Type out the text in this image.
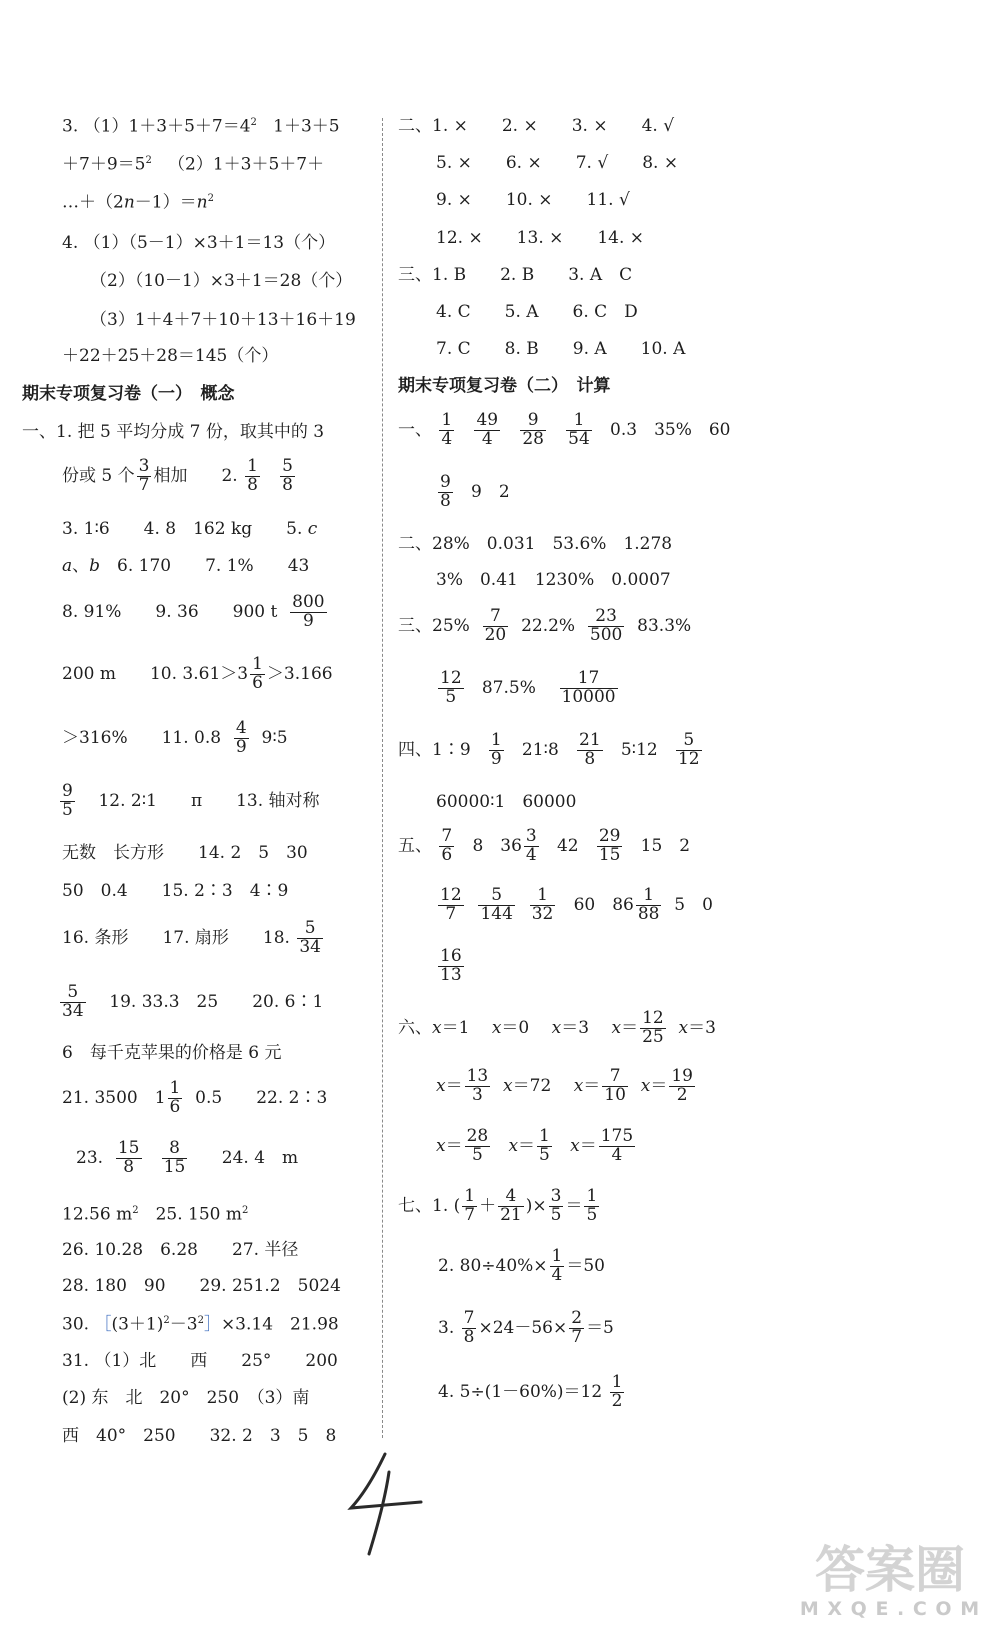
3. $(1)1+3+5+7=4^2$ 1＋3＋5
$+7+9=5^2$ （2）1＋3＋5＋7＋
$\dots+(2n-1)=n^2$
4. （1）（5－1）×3＋1＝13（个）
（2）（10－1）×3＋1＝28（个）
（3）1＋4＋7＋10＋13＋16＋19
＋22＋25＋28＝145（个）
期末专项复习卷（一）　概念
一、1. 把 5 平均分成 7 份，取其中的 3
份或 5 个 $\frac{3}{7}$ 相加　　2. $\frac{1}{8}$
$\frac{5}{8}$
3. 1∶6　　4. 8　162 kg　　5. c
a、b　6. 170　　7. 1%　　43
8. 91%　　9. 36　　900 t $\frac{800}{9}$
200 m　　10. $3.61>3 \frac{1}{6} >3.166$
＞316%　　11. $0.8 \frac{4}{9}$ 9∶5
$\frac{9}{5} 12$. 2∶1　　π　　13. 轴对称
无数　长方形　　14. 2　5　30
50　0.4　　15. 2∶3　4∶9
16. 条形　　17. 扇形　　18. $\frac{5}{34}$
$\frac{5}{34} 19$. 33.3　25　　20. 6∶1
6　每千克苹果的价格是 6 元
21. 3500　$1 \frac{1}{6} 0.5$　　22. 2∶3
23. $\frac{15}{8}$
$\frac{8}{15} 24$. 4　m
12.56 $m^2$　25. 150 $m^2$
26. 10.28　6.28　　27. 半径
28. 180　90　　29. 251.2　5024
30. $[(3+1)^2-3^2]\times 3.14$　21.98
31. （1）北　　西　　25°　　200
(2) 东　北　20°　250　（3）南
西　40°　250　　32. 2　3　5　8
二、1. ×　　2. ×　　3. ×　　4. √
5. ×　　6. ×　　7. √　　8. ×
9. ×　　10. ×　　11. √
12. ×　　13. ×　　14. ×
三、1. B　　2. B　　3. A　C
4. C　　5. A　　6. C　D
7. C　　8. B　　9. A　　10. A
期末专项复习卷（二）　计算
一、 $\frac{1}{4}$
$\frac{49}{4}$
$\frac{9}{28}$
$\frac{1}{54} 0.3$　35%　60
$\frac{9}{8} 9$　2
二、28%　0.031　53.6%　1.278
3%　0.41　1230%　0.0007
三、$25\% \frac{7}{20} 22.2\% \frac{23}{500} 83.3\%$
$\frac{12}{5} 87.5\% \frac{17}{10000}$
四、1∶9 $\frac{1}{9}$ 21∶8 $\frac{21}{8}$ 5∶12 $\frac{5}{12}$
60000∶1　60000
五、 $\frac{7}{6} 8$　$36 \frac{3}{4} 42 \frac{29}{15} 15$　2
$\frac{12}{7}$
$\frac{5}{144}$
$\frac{1}{32} 60$　$86 \frac{1}{88} 5$　0
$\frac{16}{13}$
六、x＝1　 x＝0　 x＝3　 $x= \frac{12}{25} x=3$
$x= \frac{13}{3} x=72$　 $x= \frac{7}{10} x= \frac{19}{2}$
$x= \frac{28}{5} x= \frac{1}{5} x= \frac{175}{4}$
七、1. ( $\frac{1}{7} + \frac{4}{21}$ )× $\frac{3}{5} = \frac{1}{5}$
2. $80\div 40\%\times \frac{1}{4} =50$
3. $\frac{7}{8} \times 24-56\times \frac{2}{7} =5$
4. $5\div(1-60\%)=12 \frac{1}{2}$
答案圈
M X Q E . C O M
